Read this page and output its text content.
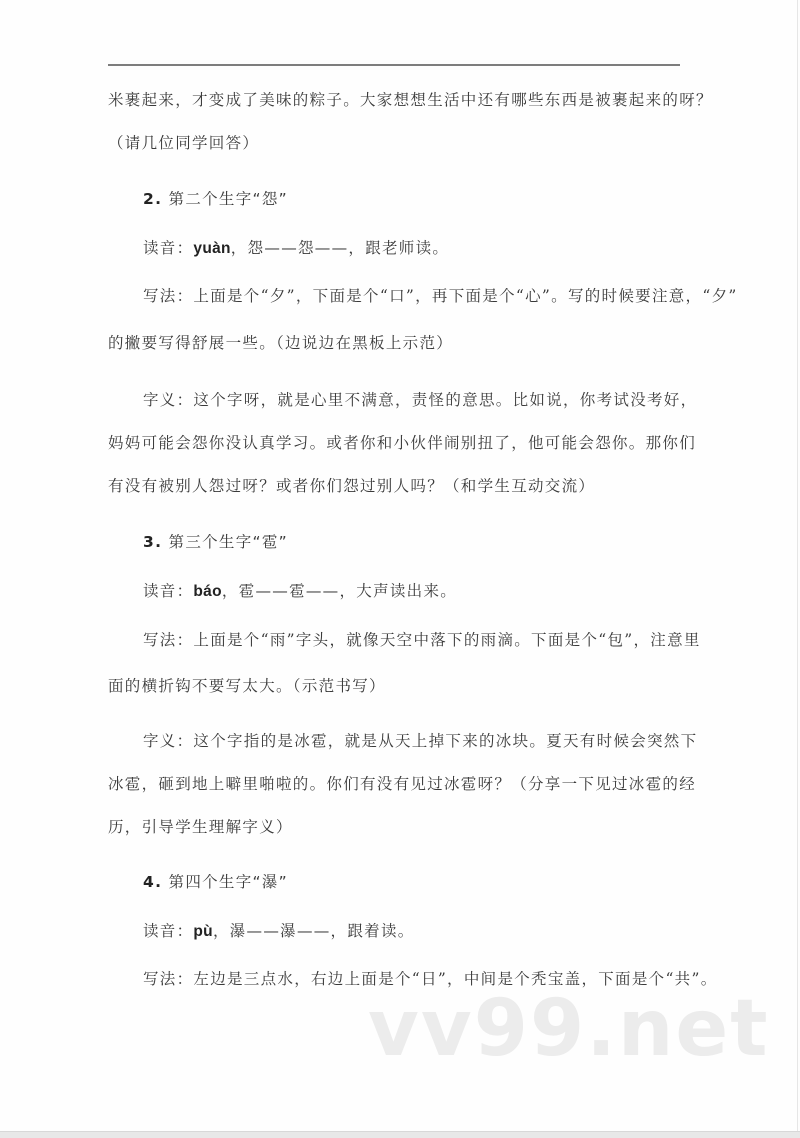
米裹起来，才变成了美味的粽子。大家想想生活中还有哪些东西是被裹起来的呀？
（请几位同学回答）
2. 第二个生字“怨”
读音：yuàn，怨——怨——，跟老师读。
写法：上面是个“夕”，下面是个“口”，再下面是个“心”。写的时候要注意，“夕”
的撇要写得舒展一些。（边说边在黑板上示范）
字义：这个字呀，就是心里不满意，责怪的意思。比如说，你考试没考好，
妈妈可能会怨你没认真学习。或者你和小伙伴闹别扭了，他可能会怨你。那你们
有没有被别人怨过呀？或者你们怨过别人吗？（和学生互动交流）
3. 第三个生字“雹”
读音：báo，雹——雹——，大声读出来。
写法：上面是个“雨”字头，就像天空中落下的雨滴。下面是个“包”，注意里
面的横折钩不要写太大。（示范书写）
字义：这个字指的是冰雹，就是从天上掉下来的冰块。夏天有时候会突然下
冰雹，砸到地上噼里啪啦的。你们有没有见过冰雹呀？（分享一下见过冰雹的经
历，引导学生理解字义）
4. 第四个生字“瀑”
读音：pù，瀑——瀑——，跟着读。
写法：左边是三点水，右边上面是个“日”，中间是个秃宝盖，下面是个“共”。
vv99.net
